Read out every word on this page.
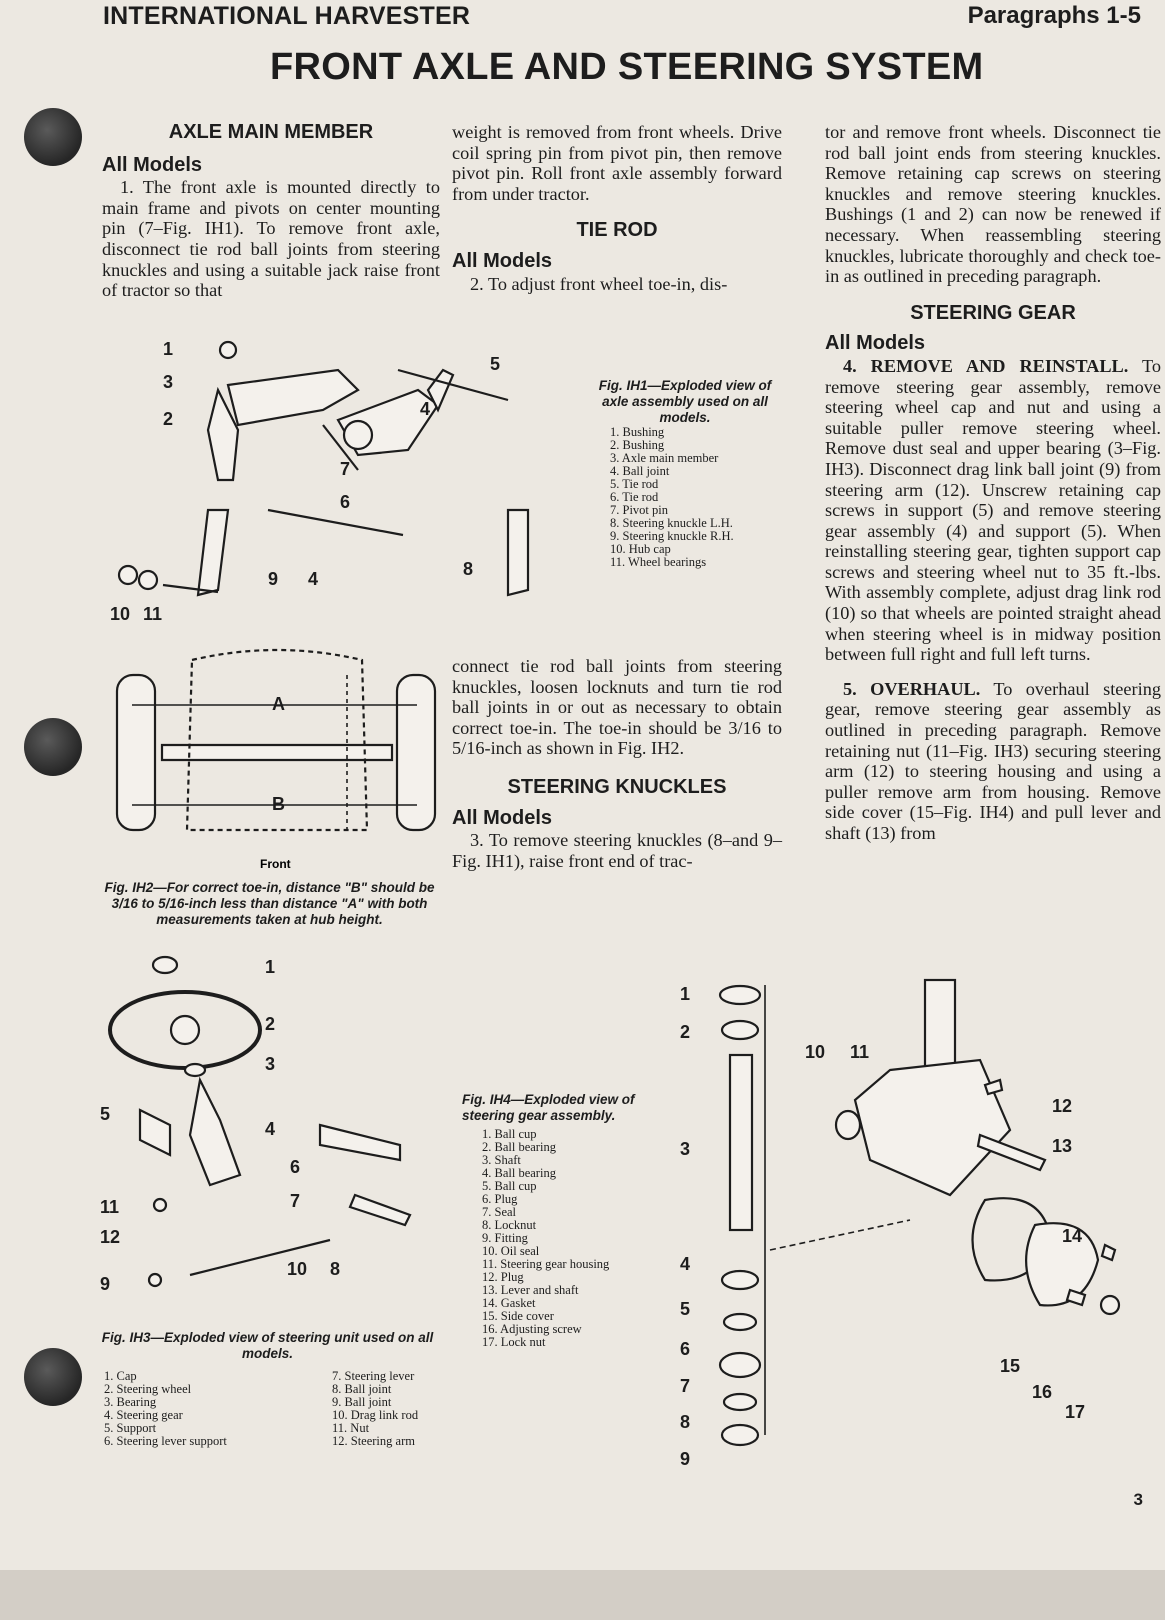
INTERNATIONAL HARVESTER	Paragraphs 1-5
FRONT AXLE AND STEERING SYSTEM

AXLE MAIN MEMBER

All Models

1. The front axle is mounted directly to main frame and pivots on center mounting pin (7–Fig. IH1). To remove front axle, disconnect tie rod ball joints from steering knuckles and using a suitable jack raise front of tractor so that

weight is removed from front wheels. Drive coil spring pin from pivot pin, then remove pivot pin. Roll front axle assembly forward from under tractor.

TIE ROD

All Models

2. To adjust front wheel toe-in, dis-

connect tie rod ball joints from steering knuckles, loosen locknuts and turn tie rod ball joints in or out as necessary to obtain correct toe-in. The toe-in should be 3/16 to 5/16-inch as shown in Fig. IH2.

STEERING KNUCKLES

All Models

3. To remove steering knuckles (8–and 9–Fig. IH1), raise front end of trac-

tor and remove front wheels. Disconnect tie rod ball joint ends from steering knuckles. Remove retaining cap screws on steering knuckles and remove steering knuckles. Bushings (1 and 2) can now be renewed if necessary. When reassembling steering knuckles, lubricate thoroughly and check toe-in as outlined in preceding paragraph.

STEERING GEAR

All Models

4. REMOVE AND REINSTALL. To remove steering gear assembly, remove steering wheel cap and nut and using a suitable puller remove steering wheel. Remove dust seal and upper bearing (3–Fig. IH3). Disconnect drag link ball joint (9) from steering arm (12). Unscrew retaining cap screws in support (5) and remove steering gear assembly (4) and support (5). When reinstalling steering gear, tighten support cap screws and steering wheel nut to 35 ft.-lbs. With assembly complete, adjust drag link rod (10) so that wheels are pointed straight ahead when steering wheel is in midway position between full right and full left turns.

5. OVERHAUL. To overhaul steering gear, remove steering gear assembly as outlined in preceding paragraph. Remove retaining nut (11–Fig. IH3) securing steering arm (12) to steering housing and using a puller remove arm from housing. Remove side cover (15–Fig. IH4) and pull lever and shaft (13) from

1
3
2
5
4
7
6
9 4	8
10 11
Fig. IH1—Exploded view of axle assembly used on all models.
1. Bushing
2. Bushing
3. Axle main member
4. Ball joint
5. Tie rod
6. Tie rod
7. Pivot pin
8. Steering knuckle L.H.
9. Steering knuckle R.H.
10. Hub cap
11. Wheel bearings
A
B
Front
Fig. IH2—For correct toe-in, distance "B" should be 3/16 to 5/16-inch less than distance "A" with both measurements taken at hub height.
1
2
3
4
5
6
7
11
12
9
10 8
Fig. IH3—Exploded view of steering unit used on all models.
1. Cap
2. Steering wheel
3. Bearing
4. Steering gear
5. Support
6. Steering lever support
7. Steering lever
8. Ball joint
9. Ball joint
10. Drag link rod
11. Nut
12. Steering arm
Fig. IH4—Exploded view of steering gear assembly.
1. Ball cup
2. Ball bearing
3. Shaft
4. Ball bearing
5. Ball cup
6. Plug
7. Seal
8. Locknut
9. Fitting
10. Oil seal
11. Steering gear housing
12. Plug
13. Lever and shaft
14. Gasket
15. Side cover
16. Adjusting screw
17. Lock nut
1
2
3
4
5
6
7
8
9
10 11
12
13
14
15
16
17
3
